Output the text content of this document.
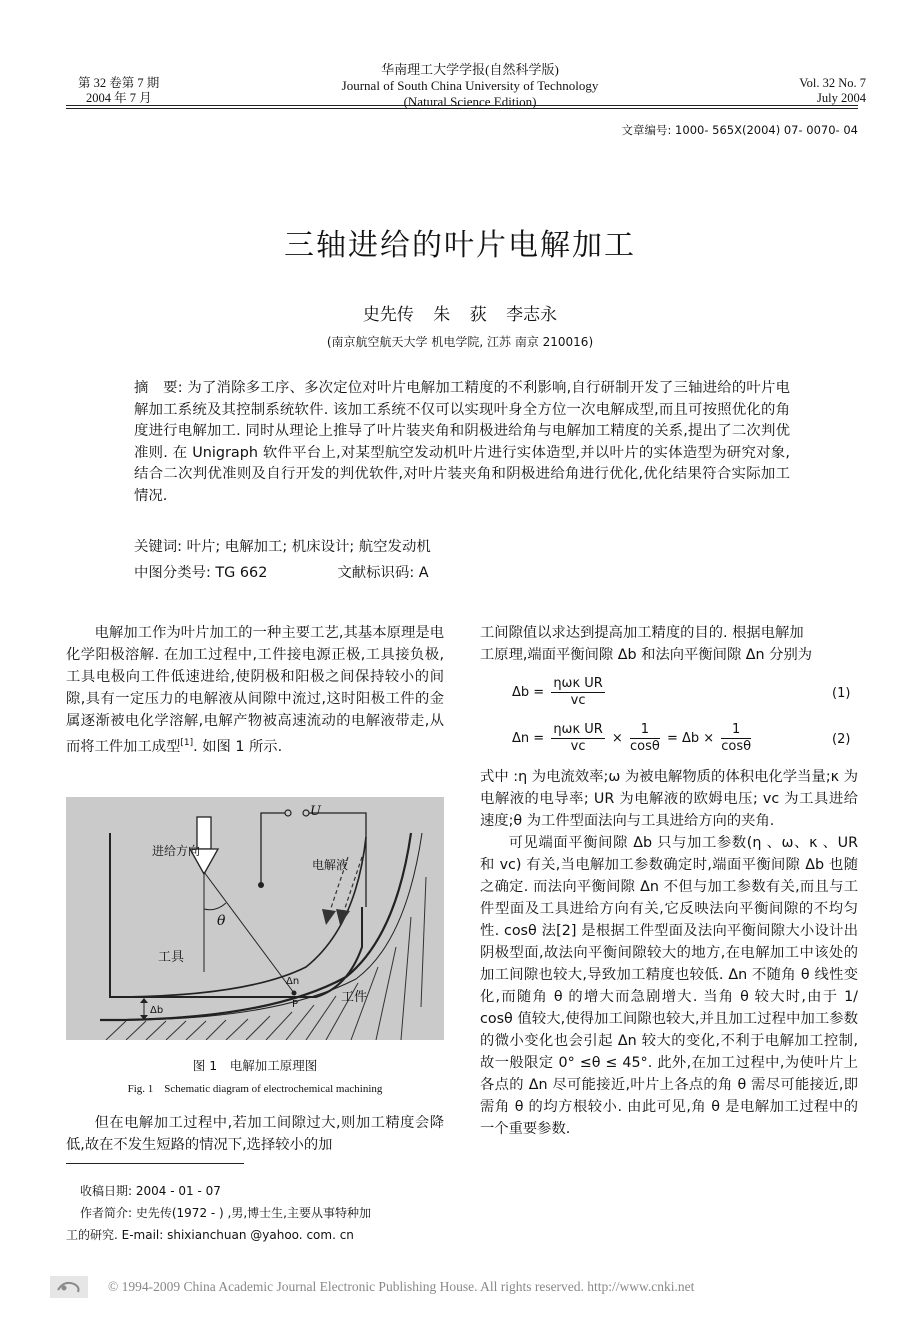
第 32 卷第 7 期
2004 年 7 月
华南理工大学学报(自然科学版)
Journal of South China University of Technology
(Natural Science Edition)
Vol. 32 No. 7
July 2004
文章编号: 1000- 565X(2004) 07- 0070- 04
三轴进给的叶片电解加工
史先传 朱 荻 李志永
(南京航空航天大学 机电学院, 江苏 南京 210016)

摘　要: 为了消除多工序、多次定位对叶片电解加工精度的不利影响,自行研制开发了三轴进给的叶片电解加工系统及其控制系统软件. 该加工系统不仅可以实现叶身全方位一次电解成型,而且可按照优化的角度进行电解加工. 同时从理论上推导了叶片装夹角和阴极进给角与电解加工精度的关系,提出了二次判优准则. 在 Unigraph 软件平台上,对某型航空发动机叶片进行实体造型,并以叶片的实体造型为研究对象,结合二次判优准则及自行开发的判优软件,对叶片装夹角和阴极进给角进行优化,优化结果符合实际加工情况.

关键词: 叶片; 电解加工; 机床设计; 航空发动机
中图分类号: TG 662	文献标识码: A

电解加工作为叶片加工的一种主要工艺,其基本原理是电化学阳极溶解. 在加工过程中,工件接电源正极,工具接负极,工具电极向工件低速进给,使阴极和阳极之间保持较小的间隙,具有一定压力的电解液从间隙中流过,这时阳极工件的金属逐渐被电化学溶解,电解产物被高速流动的电解液带走,从而将工件加工成型[1]. 如图 1 所示.

进给方向
工具
电解液
工件
θ
U
Δn
P
Δb
图 1　电解加工原理图
Fig. 1　Schematic diagram of electrochemical machining

但在电解加工过程中,若加工间隙过大,则加工精度会降低,故在不发生短路的情况下,选择较小的加

收稿日期: 2004 - 01 - 07
作者简介: 史先传(1972 - ) ,男,博士生,主要从事特种加
工的研究. E-mail: shixianchuan @yahoo. com. cn

工间隙值以求达到提高加工精度的目的. 根据电解加

工原理,端面平衡间隙 Δb 和法向平衡间隙 Δn 分别为

$\Delta b = \frac{\text{ηωκ UR}}{vc}$	(1)
$\Delta n = \frac{\text{ηωκ UR}}{vc} \times \frac{1}{\cos\theta} = \Delta b \times \frac{1}{\cos\theta}$	(2)

式中 :η 为电流效率;ω 为被电解物质的体积电化学当量;κ 为电解液的电导率; UR 为电解液的欧姆电压; vc 为工具进给速度;θ 为工件型面法向与工具进给方向的夹角.

可见端面平衡间隙 Δb 只与加工参数(η 、ω、κ 、UR 和 vc) 有关,当电解加工参数确定时,端面平衡间隙 Δb 也随之确定. 而法向平衡间隙 Δn 不但与加工参数有关,而且与工件型面及工具进给方向有关,它反映法向平衡间隙的不均匀性. cosθ 法[2] 是根据工件型面及法向平衡间隙大小设计出阴极型面,故法向平衡间隙较大的地方,在电解加工中该处的加工间隙也较大,导致加工精度也较低. Δn 不随角 θ 线性变化,而随角 θ 的增大而急剧增大. 当角 θ 较大时,由于 1/ cosθ 值较大,使得加工间隙也较大,并且加工过程中加工参数的微小变化也会引起 Δn 较大的变化,不利于电解加工控制,故一般限定 0° ≤θ ≤ 45°. 此外,在加工过程中,为使叶片上各点的 Δn 尽可能接近,叶片上各点的角 θ 需尽可能接近,即需角 θ 的均方根较小. 由此可见,角 θ 是电解加工过程中的一个重要参数.

© 1994-2009 China Academic Journal Electronic Publishing House. All rights reserved. http://www.cnki.net
